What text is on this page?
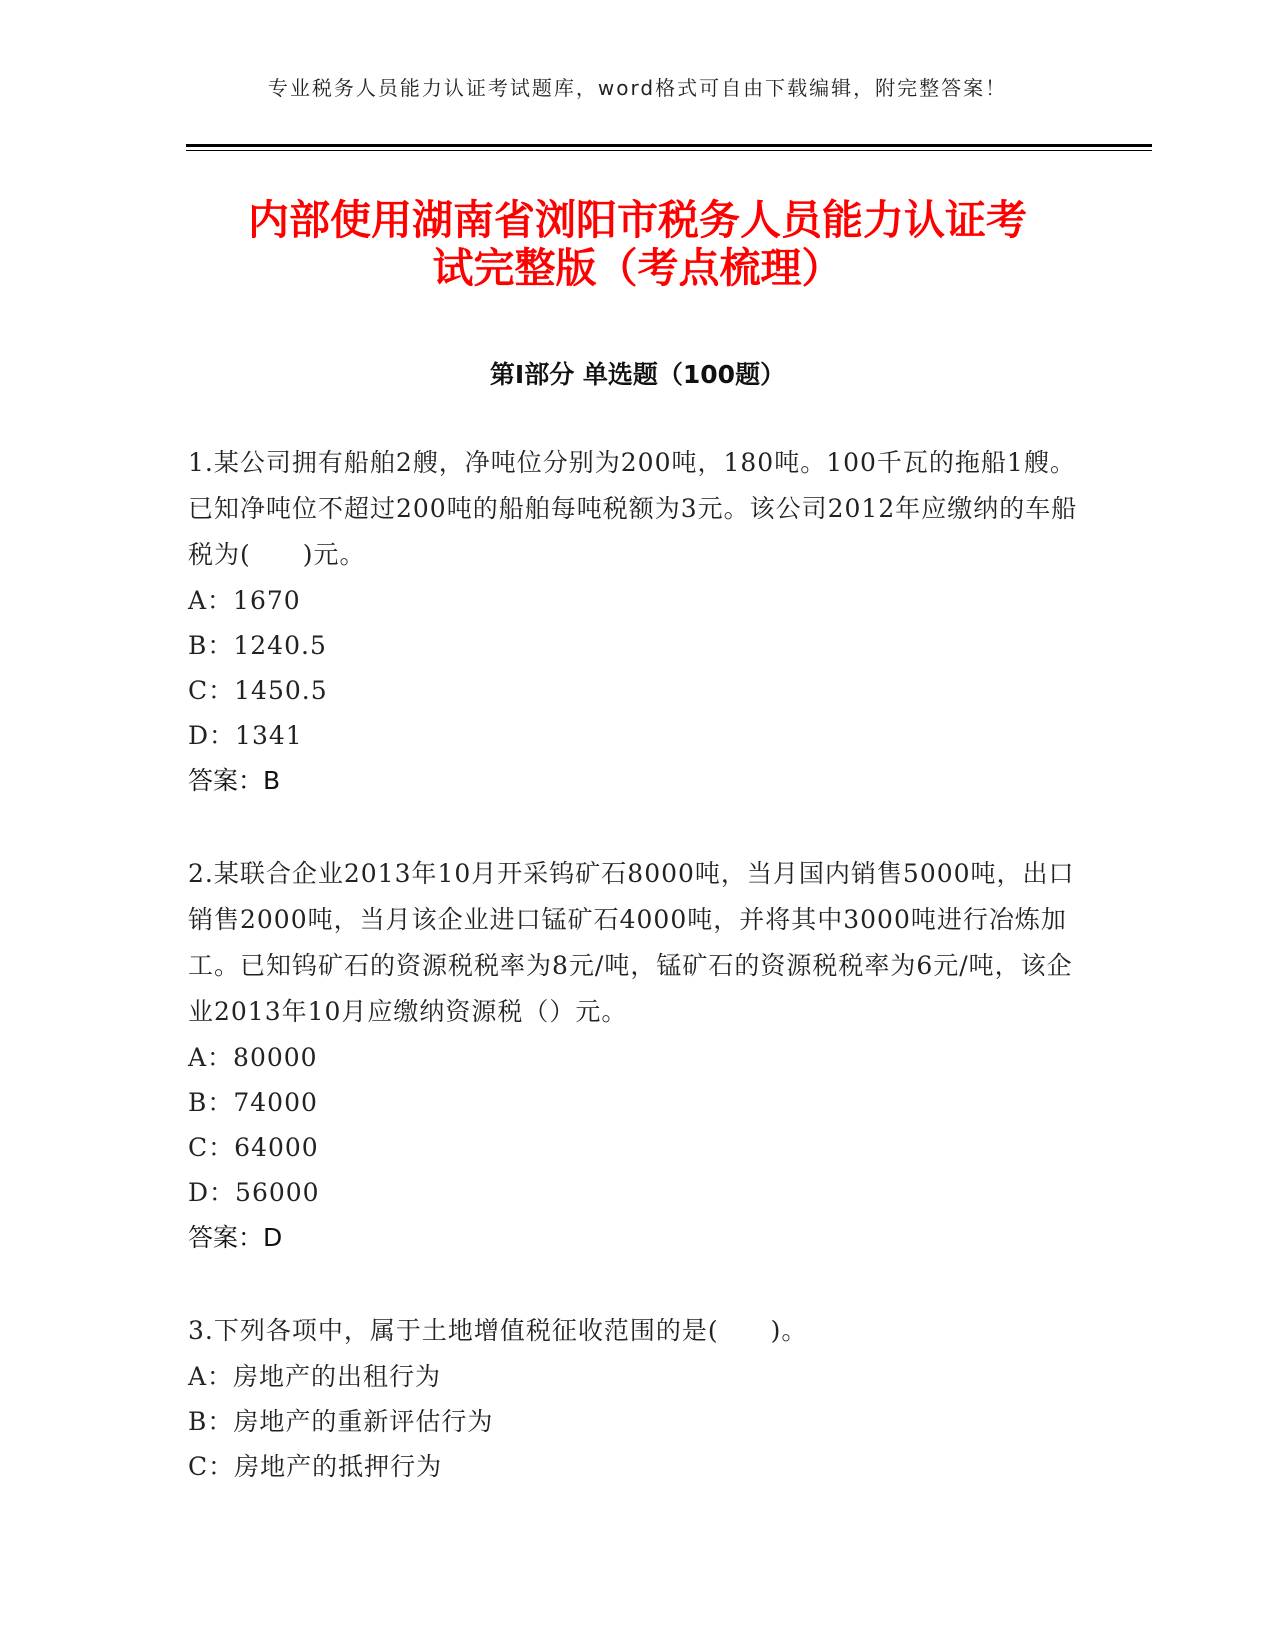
专业税务人员能力认证考试题库，word格式可自由下载编辑，附完整答案！
内部使用湖南省浏阳市税务人员能力认证考
试完整版（考点梳理）
第Ⅰ部分 单选题（100题）
1.某公司拥有船舶2艘，净吨位分别为200吨，180吨。100千瓦的拖船1艘。已知净吨位不超过200吨的船舶每吨税额为3元。该公司2012年应缴纳的车船税为(　　)元。
A：1670
B：1240.5
C：1450.5
D：1341
答案：B
2.某联合企业2013年10月开采钨矿石8000吨，当月国内销售5000吨，出口销售2000吨，当月该企业进口锰矿石4000吨，并将其中3000吨进行冶炼加工。已知钨矿石的资源税税率为8元/吨，锰矿石的资源税税率为6元/吨，该企业2013年10月应缴纳资源税（）元。
A：80000
B：74000
C：64000
D：56000
答案：D
3.下列各项中，属于土地增值税征收范围的是(　　)。
A：房地产的出租行为
B：房地产的重新评估行为
C：房地产的抵押行为
